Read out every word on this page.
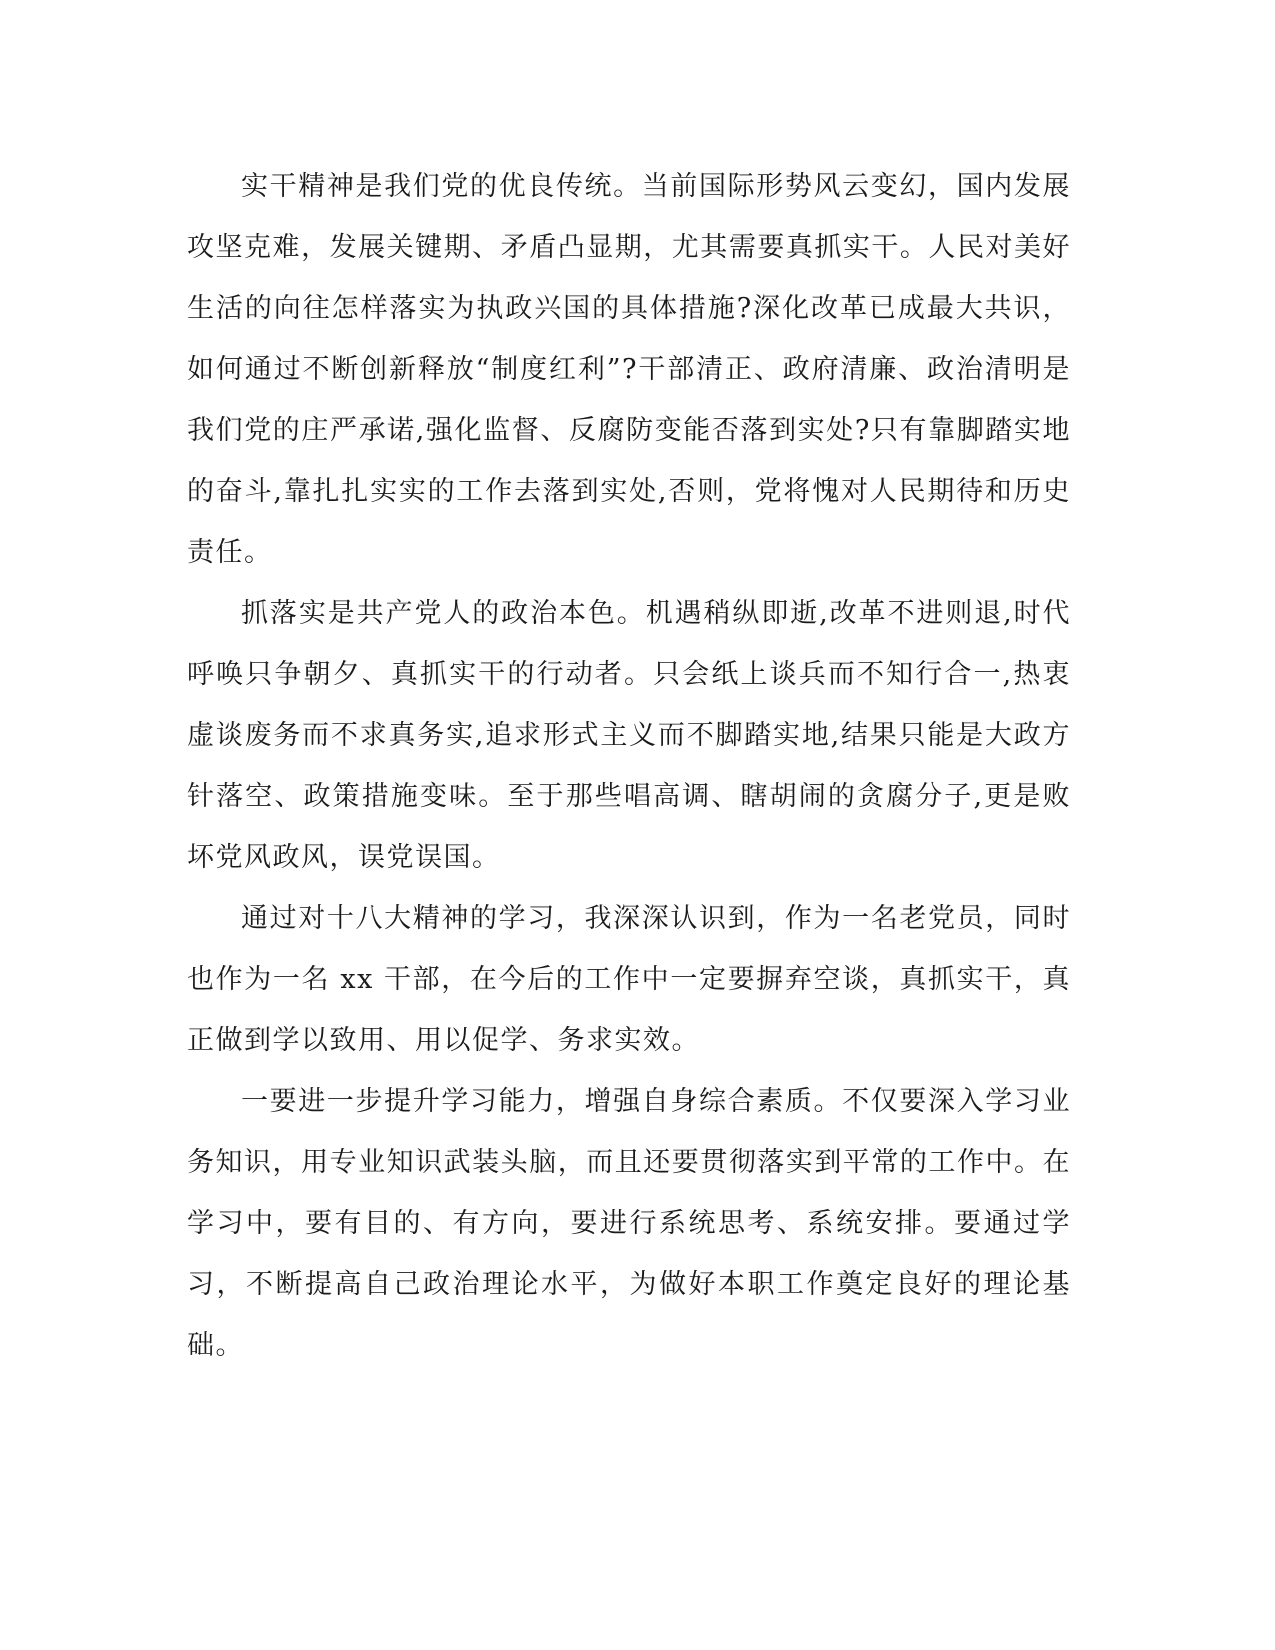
实干精神是我们党的优良传统。当前国际形势风云变幻，国内发展攻坚克难，发展关键期、矛盾凸显期，尤其需要真抓实干。人民对美好生活的向往怎样落实为执政兴国的具体措施?深化改革已成最大共识，如何通过不断创新释放“制度红利”?干部清正、政府清廉、政治清明是我们党的庄严承诺,强化监督、反腐防变能否落到实处?只有靠脚踏实地的奋斗,靠扎扎实实的工作去落到实处,否则，党将愧对人民期待和历史责任。

抓落实是共产党人的政治本色。机遇稍纵即逝,改革不进则退,时代呼唤只争朝夕、真抓实干的行动者。只会纸上谈兵而不知行合一,热衷虚谈废务而不求真务实,追求形式主义而不脚踏实地,结果只能是大政方针落空、政策措施变味。至于那些唱高调、瞎胡闹的贪腐分子,更是败坏党风政风，误党误国。

通过对十八大精神的学习，我深深认识到，作为一名老党员，同时也作为一名 xx 干部，在今后的工作中一定要摒弃空谈，真抓实干，真正做到学以致用、用以促学、务求实效。

一要进一步提升学习能力，增强自身综合素质。不仅要深入学习业务知识，用专业知识武装头脑，而且还要贯彻落实到平常的工作中。在学习中，要有目的、有方向，要进行系统思考、系统安排。要通过学习，不断提高自己政治理论水平，为做好本职工作奠定良好的理论基础。
